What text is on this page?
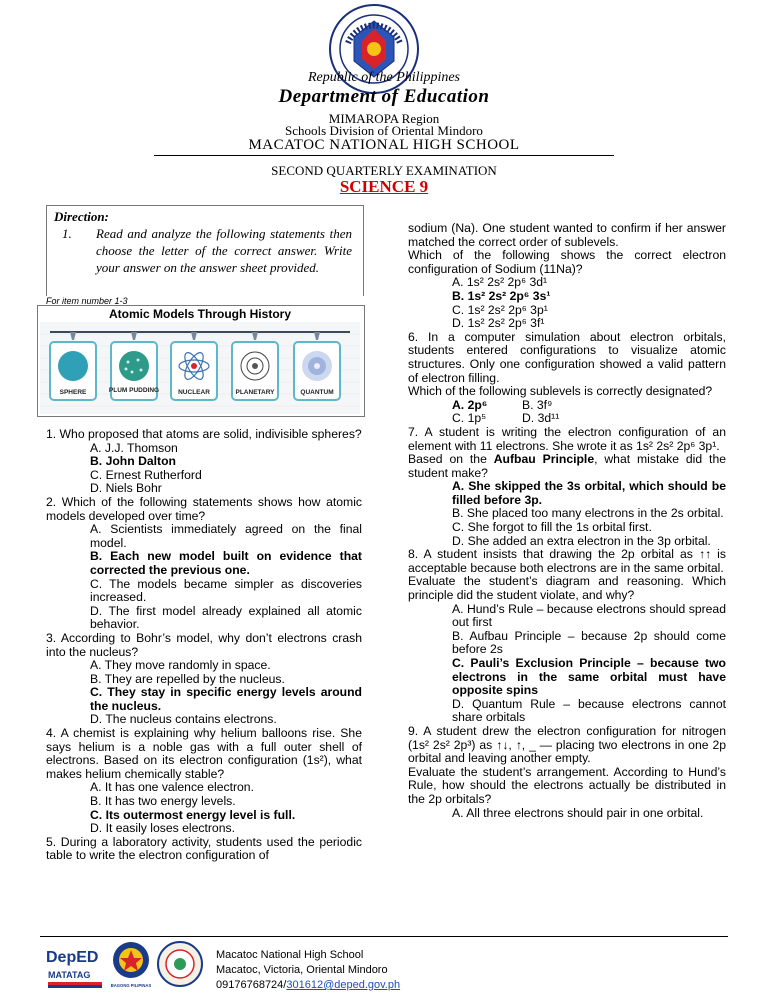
Republic of the Philippines
Department of Education
MIMAROPA Region
Schools Division of Oriental Mindoro
MACATOC NATIONAL HIGH SCHOOL
SECOND QUARTERLY EXAMINATION
SCIENCE 9
Direction:
1. Read and analyze the following statements then choose the letter of the correct answer. Write your answer on the answer sheet provided.
For item number 1-3
Atomic Models Through History
SPHERE	PLUM PUDDING	NUCLEAR	PLANETARY	QUANTUM

1. Who proposed that atoms are solid, indivisible spheres?

A. J.J. Thomson

B. John Dalton

C. Ernest Rutherford

D. Niels Bohr

2. Which of the following statements shows how atomic models developed over time?

A. Scientists immediately agreed on the final model.

B. Each new model built on evidence that corrected the previous one.

C. The models became simpler as discoveries increased.

D. The first model already explained all atomic behavior.

3. According to Bohr’s model, why don’t electrons crash into the nucleus?

A. They move randomly in space.

B. They are repelled by the nucleus.

C. They stay in specific energy levels around the nucleus.

D. The nucleus contains electrons.

4. A chemist is explaining why helium balloons rise. She says helium is a noble gas with a full outer shell of electrons. Based on its electron configuration (1s²), what makes helium chemically stable?

A. It has one valence electron.

B. It has two energy levels.

C. Its outermost energy level is full.

D. It easily loses electrons.

5. During a laboratory activity, students used the periodic table to write the electron configuration of

sodium (Na). One student wanted to confirm if her answer matched the correct order of sublevels.

Which of the following shows the correct electron configuration of Sodium (11Na)?

A. 1s² 2s² 2p⁶ 3d¹

B. 1s² 2s² 2p⁶ 3s¹

C. 1s² 2s² 2p⁶ 3p¹

D. 1s² 2s² 2p⁶ 3f¹

6. In a computer simulation about electron orbitals, students entered configurations to visualize atomic structures. Only one configuration showed a valid pattern of electron filling.

Which of the following sublevels is correctly designated?

A. 2p⁶	B. 3f⁹

C. 1p⁵	D. 3d¹¹

7. A student is writing the electron configuration of an element with 11 electrons. She wrote it as 1s² 2s² 2p⁶ 3p¹.

Based on the Aufbau Principle, what mistake did the student make?

A. She skipped the 3s orbital, which should be filled before 3p.

B. She placed too many electrons in the 2s orbital.

C. She forgot to fill the 1s orbital first.

D. She added an extra electron in the 3p orbital.

8. A student insists that drawing the 2p orbital as ↑↑ is acceptable because both electrons are in the same orbital.

Evaluate the student’s diagram and reasoning. Which principle did the student violate, and why?

A. Hund’s Rule – because electrons should spread out first

B. Aufbau Principle – because 2p should come before 2s

C. Pauli’s Exclusion Principle – because two electrons in the same orbital must have opposite spins

D. Quantum Rule – because electrons cannot share orbitals

9. A student drew the electron configuration for nitrogen (1s² 2s² 2p³) as ↑↓, ↑, _ — placing two electrons in one 2p orbital and leaving another empty.

Evaluate the student’s arrangement. According to Hund’s Rule, how should the electrons actually be distributed in the 2p orbitals?

A. All three electrons should pair in one orbital.

DepED
MATATAG
BAGONG PILIPINAS
Macatoc National High School
Macatoc, Victoria, Oriental Mindoro
09176768724/301612@deped.gov.ph
